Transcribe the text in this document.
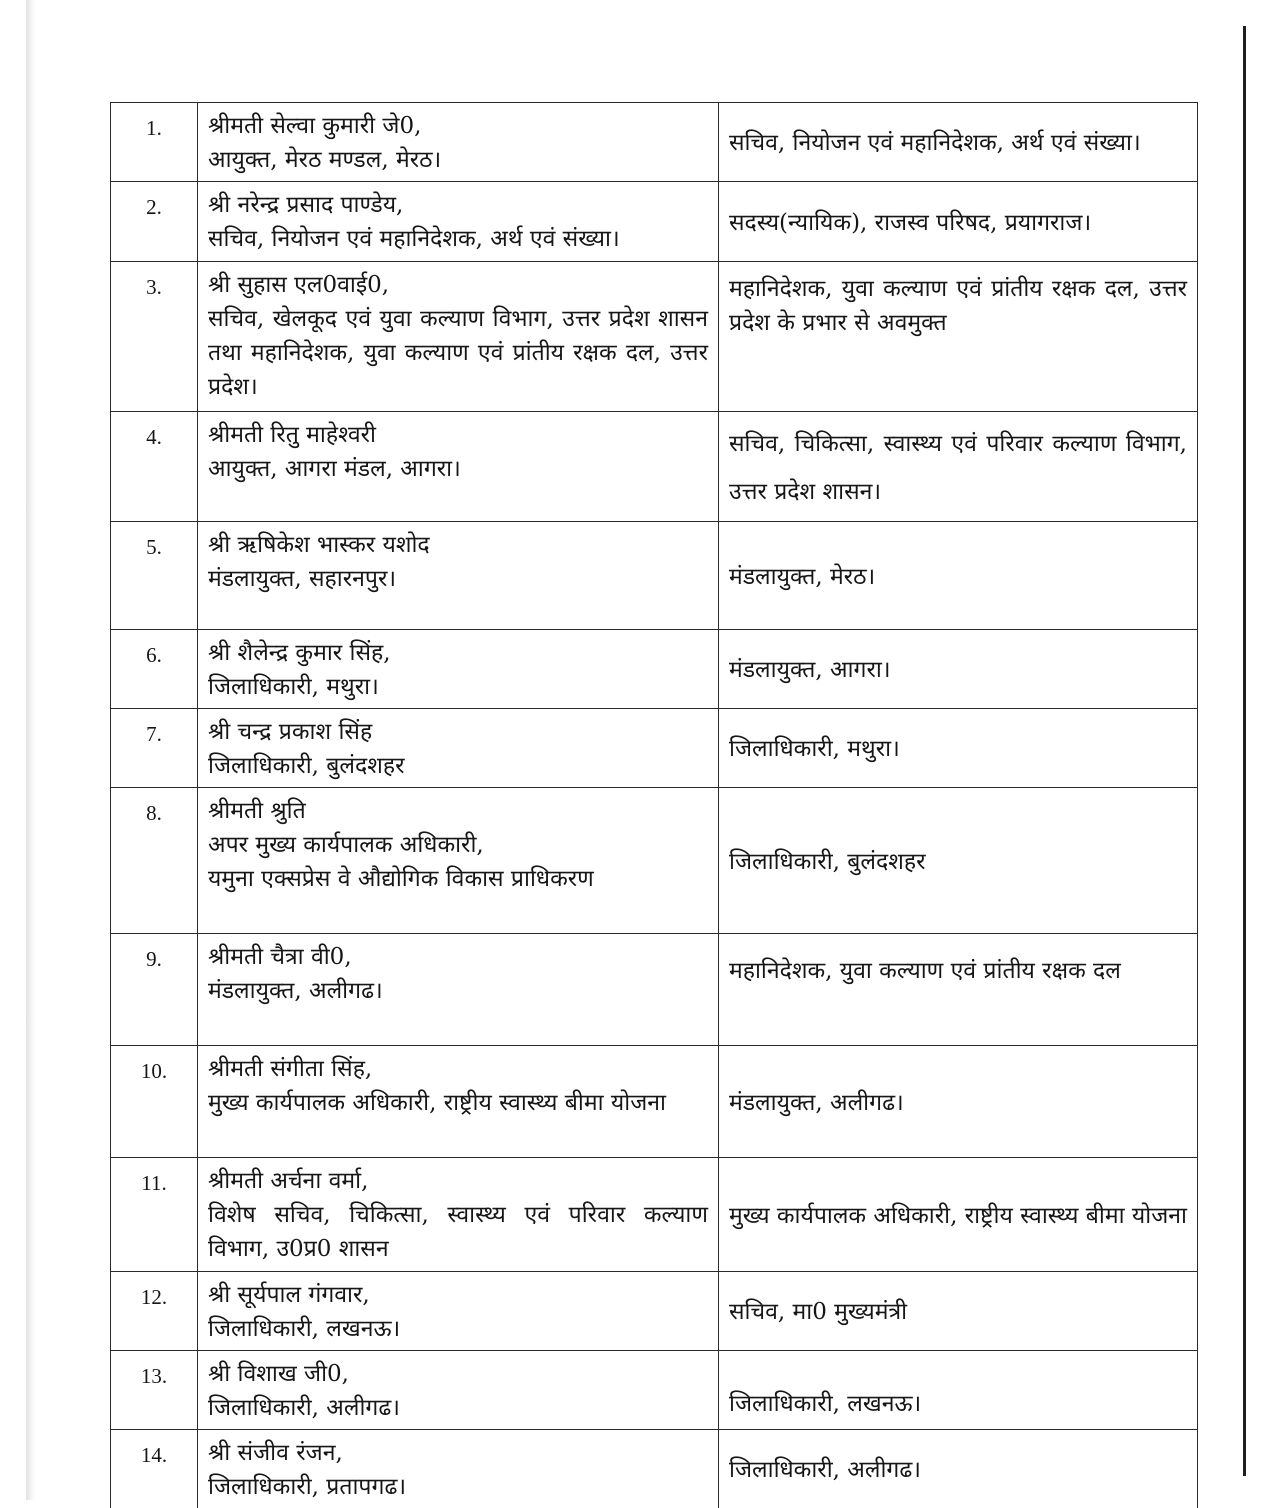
1.	श्रीमती सेल्वा कुमारी जे0,
आयुक्त, मेरठ मण्डल, मेरठ।	सचिव, नियोजन एवं महानिदेशक, अर्थ एवं संख्या।
2.	श्री नरेन्द्र प्रसाद पाण्डेय,
सचिव, नियोजन एवं महानिदेशक, अर्थ एवं संख्या।	सदस्य(न्यायिक), राजस्व परिषद, प्रयागराज।
3.	श्री सुहास एल0वाई0,
सचिव, खेलकूद एवं युवा कल्याण विभाग, उत्तर प्रदेश शासन तथा महानिदेशक, युवा कल्याण एवं प्रांतीय रक्षक दल, उत्तर प्रदेश।	महानिदेशक, युवा कल्याण एवं प्रांतीय रक्षक दल, उत्तर प्रदेश के प्रभार से अवमुक्त
4.	श्रीमती रितु माहेश्वरी
आयुक्त, आगरा मंडल, आगरा।	सचिव, चिकित्सा, स्वास्थ्य एवं परिवार कल्याण विभाग, उत्तर प्रदेश शासन।
5.	श्री ऋषिकेश भास्कर यशोद
मंडलायुक्त, सहारनपुर।	मंडलायुक्त, मेरठ।
6.	श्री शैलेन्द्र कुमार सिंह,
जिलाधिकारी, मथुरा।	मंडलायुक्त, आगरा।
7.	श्री चन्द्र प्रकाश सिंह
जिलाधिकारी, बुलंदशहर	जिलाधिकारी, मथुरा।
8.	श्रीमती श्रुति
अपर मुख्य कार्यपालक अधिकारी,
यमुना एक्सप्रेस वे औद्योगिक विकास प्राधिकरण	जिलाधिकारी, बुलंदशहर
9.	श्रीमती चैत्रा वी0,
मंडलायुक्त, अलीगढ।	महानिदेशक, युवा कल्याण एवं प्रांतीय रक्षक दल
10.	श्रीमती संगीता सिंह,
मुख्य कार्यपालक अधिकारी, राष्ट्रीय स्वास्थ्य बीमा योजना	मंडलायुक्त, अलीगढ।
11.	श्रीमती अर्चना वर्मा,
विशेष सचिव, चिकित्सा, स्वास्थ्य एवं परिवार कल्याण विभाग, उ0प्र0 शासन	मुख्य कार्यपालक अधिकारी, राष्ट्रीय स्वास्थ्य बीमा योजना
12.	श्री सूर्यपाल गंगवार,
जिलाधिकारी, लखनऊ।	सचिव, मा0 मुख्यमंत्री
13.	श्री विशाख जी0,
जिलाधिकारी, अलीगढ।	जिलाधिकारी, लखनऊ।
14.	श्री संजीव रंजन,
जिलाधिकारी, प्रतापगढ।	जिलाधिकारी, अलीगढ।
